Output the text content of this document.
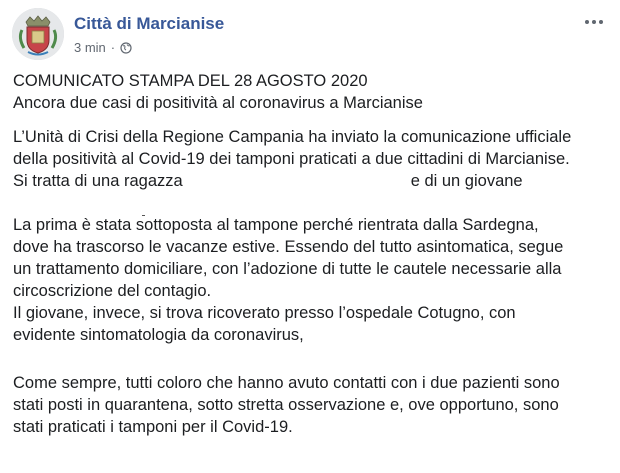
Città di Marcianise
3 min ·

COMUNICATO STAMPA DEL 28 AGOSTO 2020

Ancora due casi di positività al coronavirus a Marcianise

L’Unità di Crisi della Regione Campania ha inviato la comunicazione ufficiale

della positività al Covid-19 dei tamponi praticati a due cittadini di Marcianise.

Si tratta di una ragazza	e di un giovane

La prima è stata sottoposta al tampone perché rientrata dalla Sardegna,

dove ha trascorso le vacanze estive. Essendo del tutto asintomatica, segue

un trattamento domiciliare, con l’adozione di tutte le cautele necessarie alla

circoscrizione del contagio.

Il giovane, invece, si trova ricoverato presso l’ospedale Cotugno, con

evidente sintomatologia da coronavirus,

Come sempre, tutti coloro che hanno avuto contatti con i due pazienti sono

stati posti in quarantena, sotto stretta osservazione e, ove opportuno, sono

stati praticati i tamponi per il Covid-19.
